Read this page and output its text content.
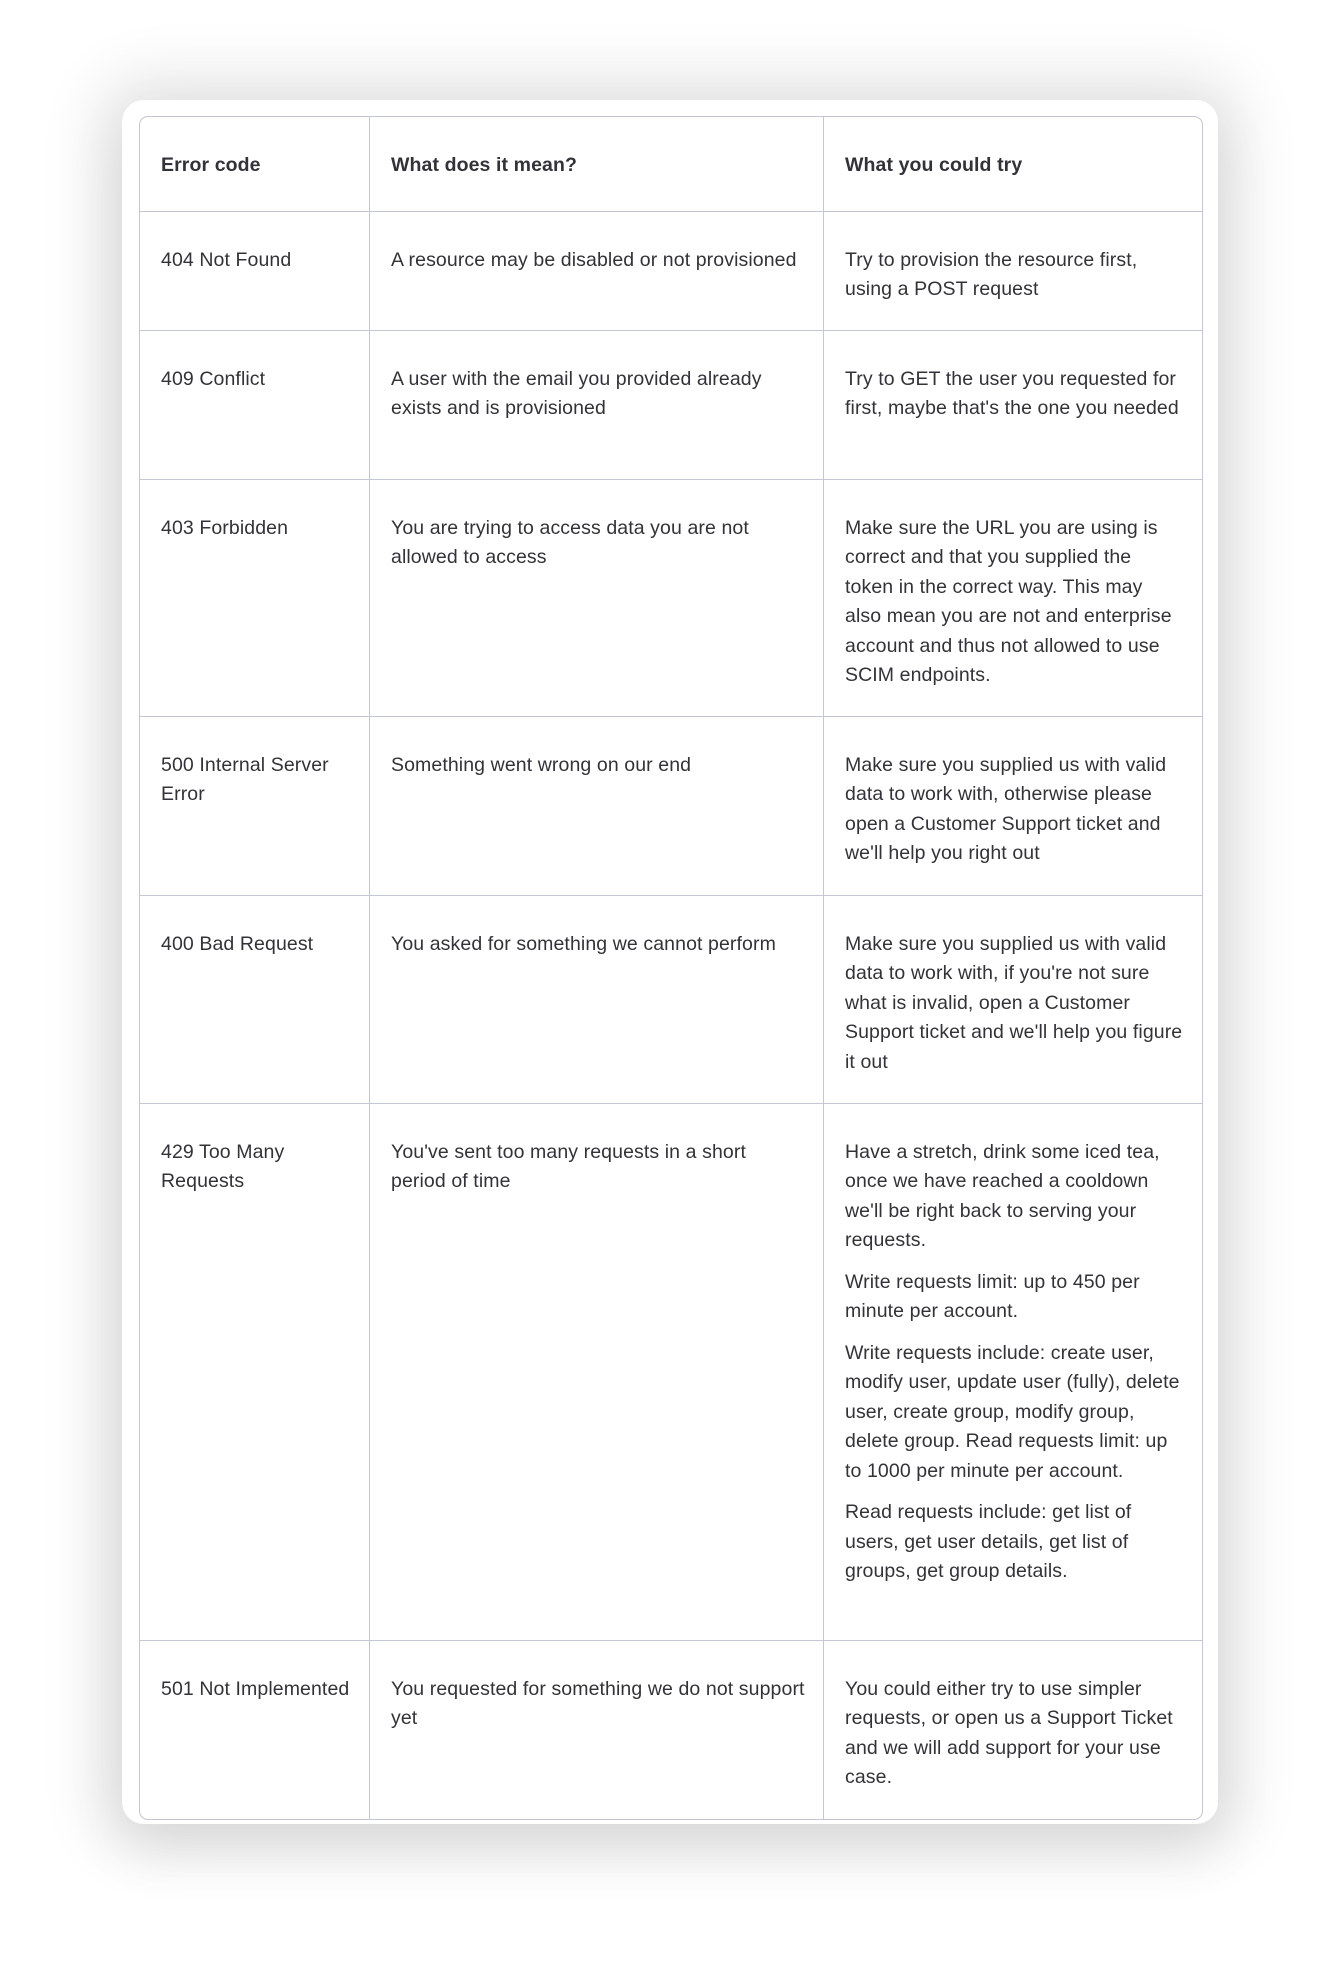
Error code	What does it mean?	What you could try
404 Not Found	A resource may be disabled or not provisioned	Try to provision the resource first, using a POST request

409 Conflict	A user with the email you provided already exists and is provisioned	Try to GET the user you requested for first, maybe that's the one you needed

403 Forbidden	You are trying to access data you are not allowed to access	Make sure the URL you are using is correct and that you supplied the token in the correct way. This may also mean you are not and enterprise account and thus not allowed to use SCIM endpoints.

500 Internal Server Error	Something went wrong on our end	Make sure you supplied us with valid data to work with, otherwise please open a Customer Support ticket and we'll help you right out

400 Bad Request	You asked for something we cannot perform	Make sure you supplied us with valid data to work with, if you're not sure what is invalid, open a Customer Support ticket and we'll help you figure it out

429 Too Many Requests	You've sent too many requests in a short period of time	Have a stretch, drink some iced tea, once we have reached a cooldown we'll be right back to serving your requests.
Write requests limit: up to 450 per minute per account.
Write requests include: create user, modify user, update user (fully), delete user, create group, modify group, delete group. Read requests limit: up to 1000 per minute per account.
Read requests include: get list of users, get user details, get list of groups, get group details.

501 Not Implemented	You requested for something we do not support yet	You could either try to use simpler requests, or open us a Support Ticket and we will add support for your use case.
